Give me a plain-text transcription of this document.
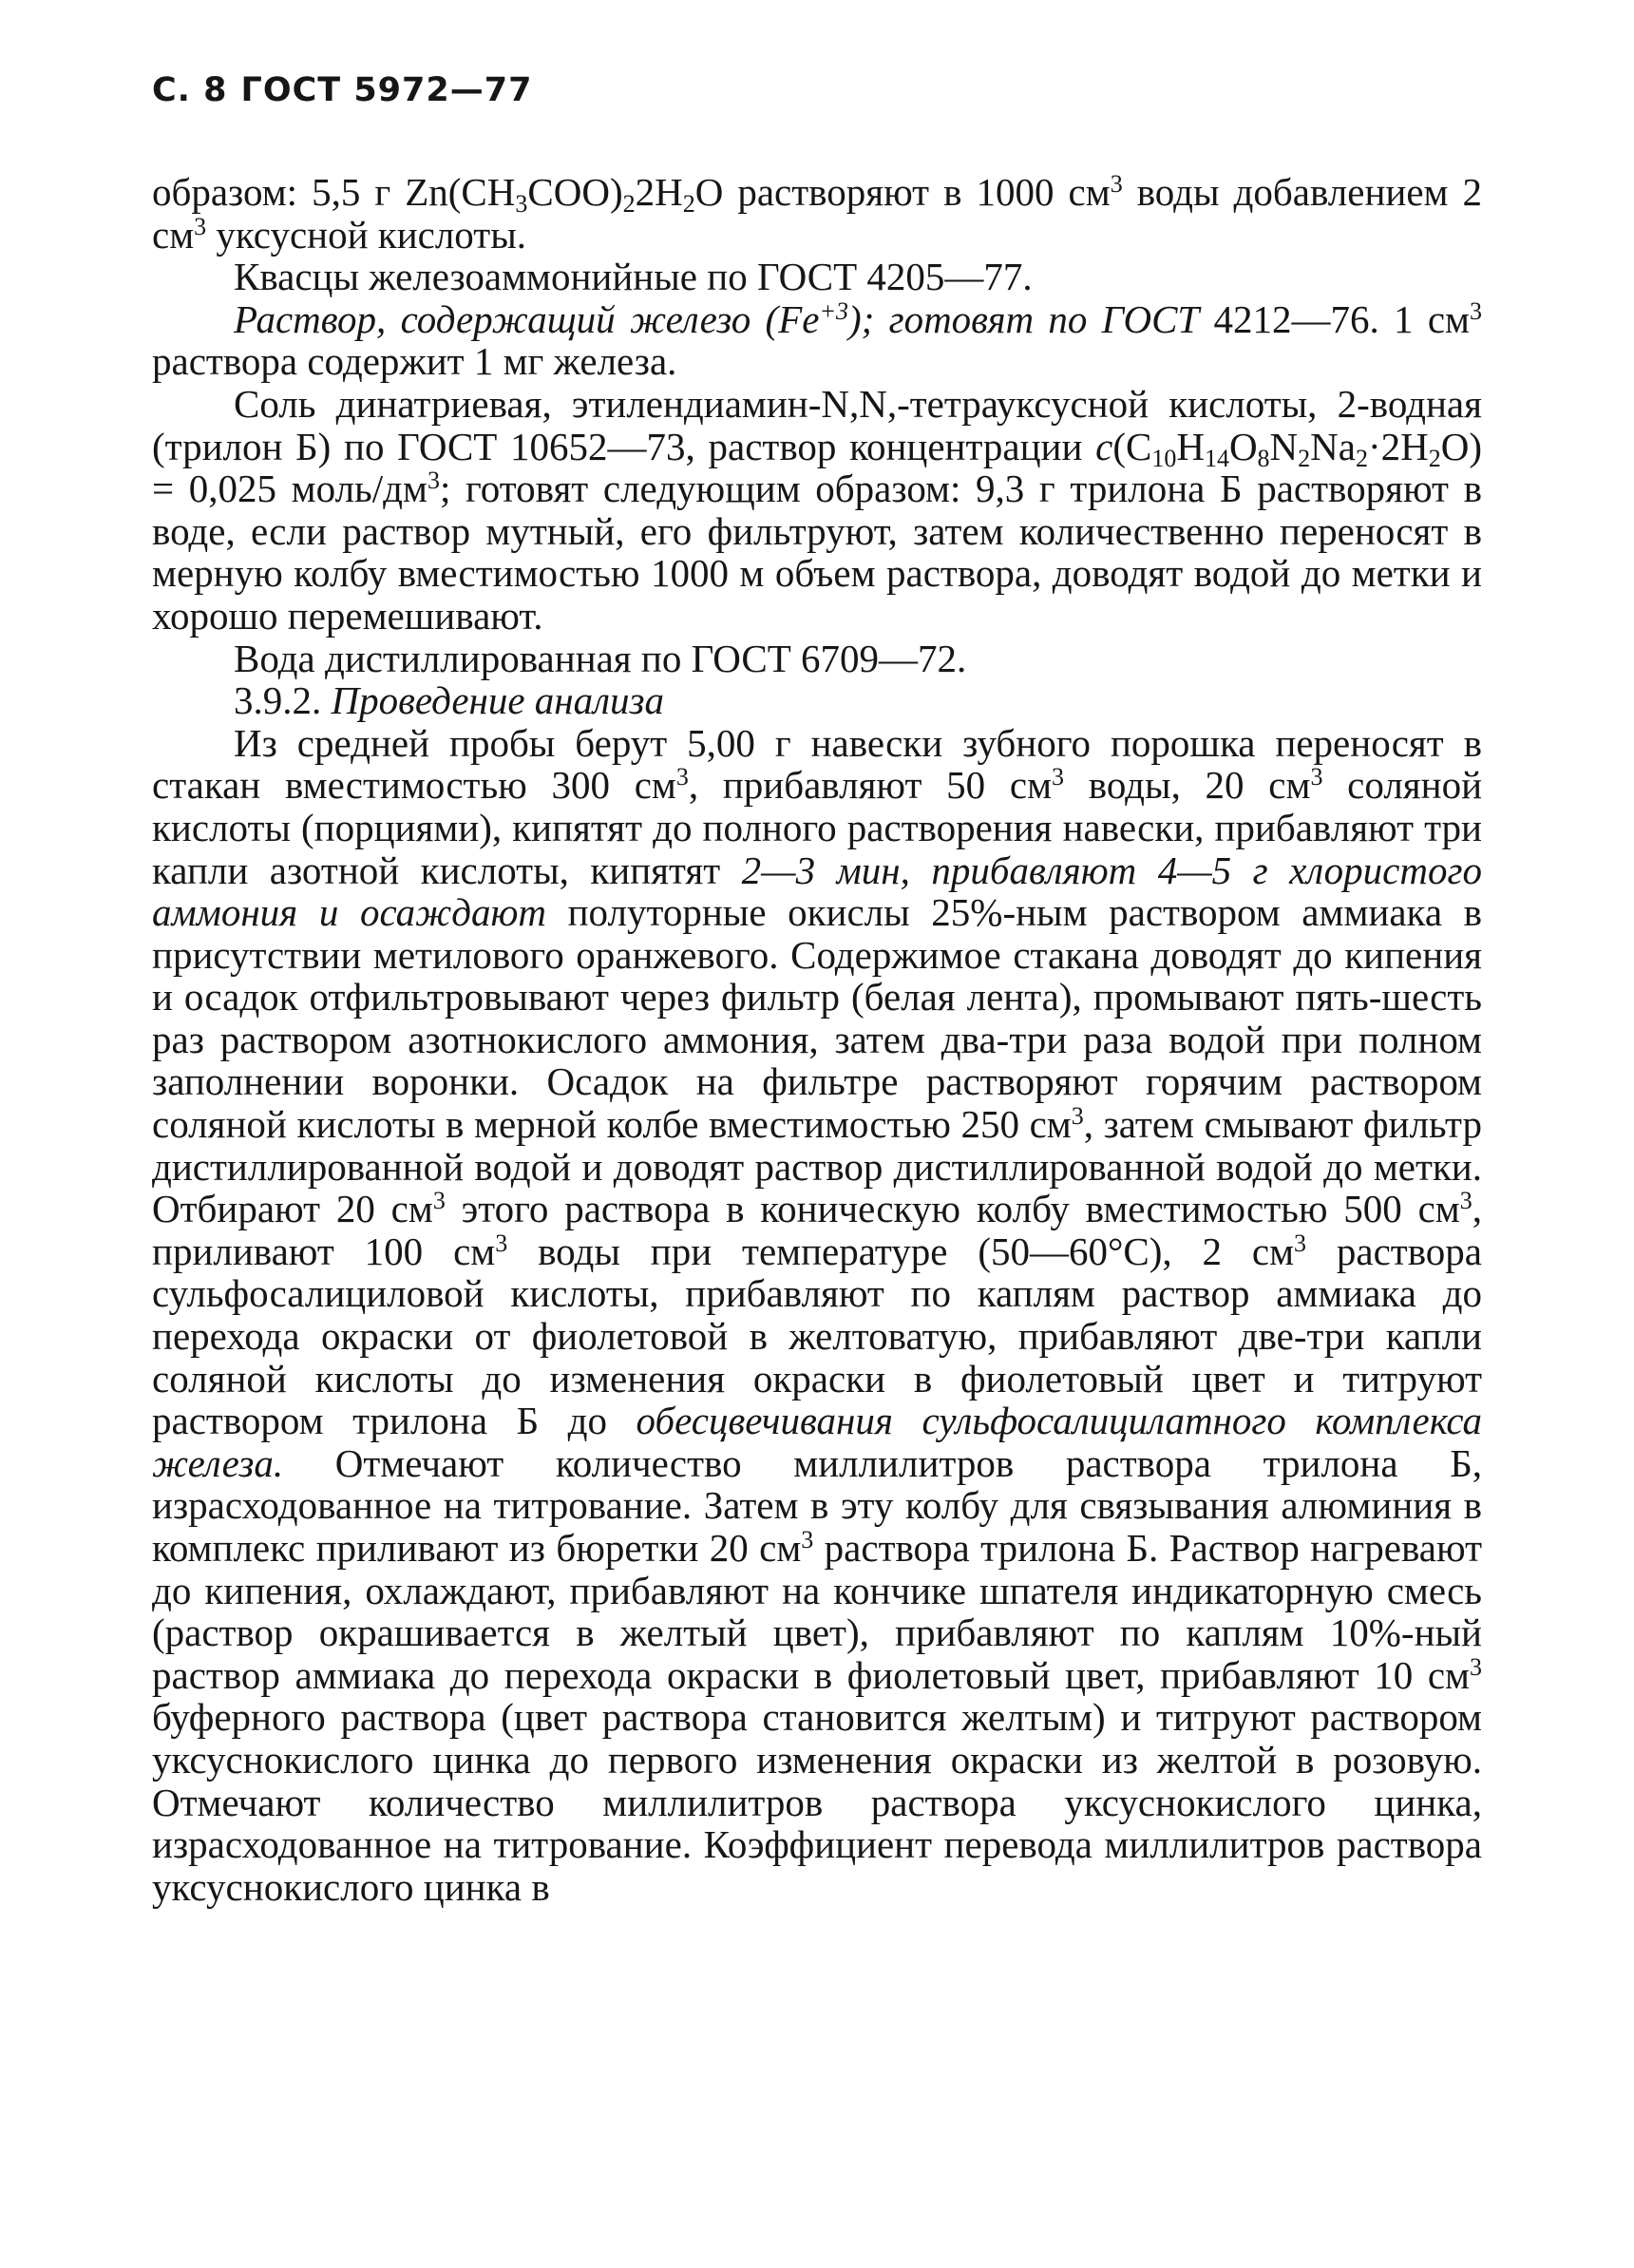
С. 8 ГОСТ 5972—77

образом: 5,5 г $Zn(CH_3COO)_22H_2O$ растворяют в 1000 $см^3$ воды добавлением 2 $см^3$ уксусной кислоты.

Квасцы железоаммонийные по ГОСТ 4205—77.

Раствор, содержащий железо $(Fe^{+3})$; готовят по ГОСТ 4212—76. 1 $см^3$ раствора содержит 1 мг железа.

Соль динатриевая, этилендиамин-N,N,-тетрауксусной кислоты, 2-водная (трилон Б) по ГОСТ 10652—73, раствор концентрации $c(C_{10}H_{14}O_8N_2Na_2\cdot 2H_2O) = 0,025$ моль/$дм^3$; готовят следующим образом: 9,3 г трилона Б растворяют в воде, если раствор мутный, его фильтруют, затем количественно переносят в мерную колбу вместимостью 1000 м объем раствора, доводят водой до метки и хорошо перемешивают.

Вода дистиллированная по ГОСТ 6709—72.

3.9.2. Проведение анализа

Из средней пробы берут 5,00 г навески зубного порошка переносят в стакан вместимостью 300 $см^3$, прибавляют 50 $см^3$ воды, 20 $см^3$ соляной кислоты (порциями), кипятят до полного растворения навески, прибавляют три капли азотной кислоты, кипятят 2—3 мин, прибавляют 4—5 г хлористого аммония и осаждают полуторные окислы 25%-ным раствором аммиака в присутствии метилового оранжевого. Содержимое стакана доводят до кипения и осадок отфильтровывают через фильтр (белая лента), промывают пять-шесть раз раствором азотнокислого аммония, затем два-три раза водой при полном заполнении воронки. Осадок на фильтре растворяют горячим раствором соляной кислоты в мерной колбе вместимостью 250 $см^3$, затем смывают фильтр дистиллированной водой и доводят раствор дистиллированной водой до метки. Отбирают 20 $см^3$ этого раствора в коническую колбу вместимостью 500 $см^3$, приливают 100 $см^3$ воды при температуре (50—60°С), 2 $см^3$ раствора сульфосалициловой кислоты, прибавляют по каплям раствор аммиака до перехода окраски от фиолетовой в желтоватую, прибавляют две-три капли соляной кислоты до изменения окраски в фиолетовый цвет и титруют раствором трилона Б до обесцвечивания сульфосалицилатного комплекса железа. Отмечают количество миллилитров раствора трилона Б, израсходованное на титрование. Затем в эту колбу для связывания алюминия в комплекс приливают из бюретки 20 $см^3$ раствора трилона Б. Раствор нагревают до кипения, охлаждают, прибавляют на кончике шпателя индикаторную смесь (раствор окрашивается в желтый цвет), прибавляют по каплям 10%-ный раствор аммиака до перехода окраски в фиолетовый цвет, прибавляют 10 $см^3$ буферного раствора (цвет раствора становится желтым) и титруют раствором уксуснокислого цинка до первого изменения окраски из желтой в розовую. Отмечают количество миллилитров раствора уксуснокислого цинка, израсходованное на титрование. Коэффициент перевода миллилитров раствора уксуснокислого цинка в
